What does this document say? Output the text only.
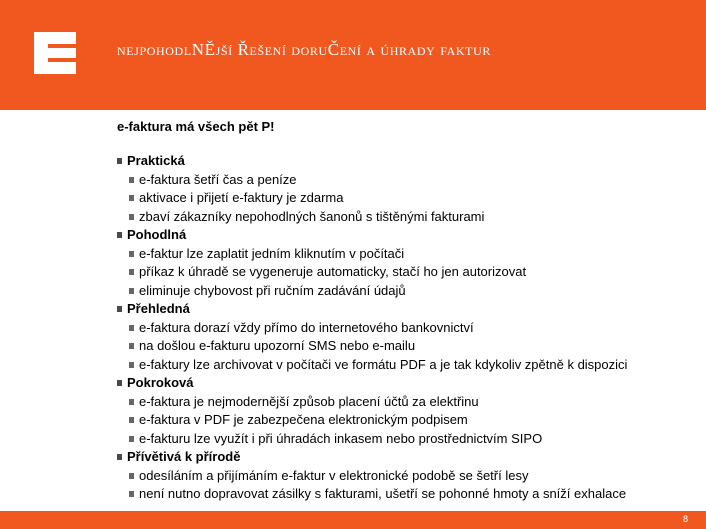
nejpohodlNĚjší Řešení doruČení a úhrady faktur
e-faktura má všech pět P!
Praktická
e-faktura šetří čas a peníze
aktivace i přijetí e-faktury je zdarma
zbaví zákazníky nepohodlných šanonů s tištěnými fakturami
Pohodlná
e-faktur lze zaplatit jedním kliknutím v počítači
příkaz k úhradě se vygeneruje automaticky, stačí ho jen autorizovat
eliminuje chybovost při ručním zadávání údajů
Přehledná
e-faktura dorazí vždy přímo do internetového bankovnictví
na došlou e-fakturu upozorní SMS nebo e-mailu
e-faktury lze archivovat v počítači ve formátu PDF a je tak kdykoliv zpětně k dispozici
Pokroková
e-faktura je nejmodernější způsob placení účtů za elektřinu
e-faktura v PDF je zabezpečena elektronickým podpisem
e-fakturu lze využít i při úhradách inkasem nebo prostřednictvím SIPO
Přívětivá k přírodě
odesíláním a přijímáním e-faktur v elektronické podobě se šetří lesy
není nutno dopravovat zásilky s fakturami, ušetří se pohonné hmoty a sníží exhalace
8
